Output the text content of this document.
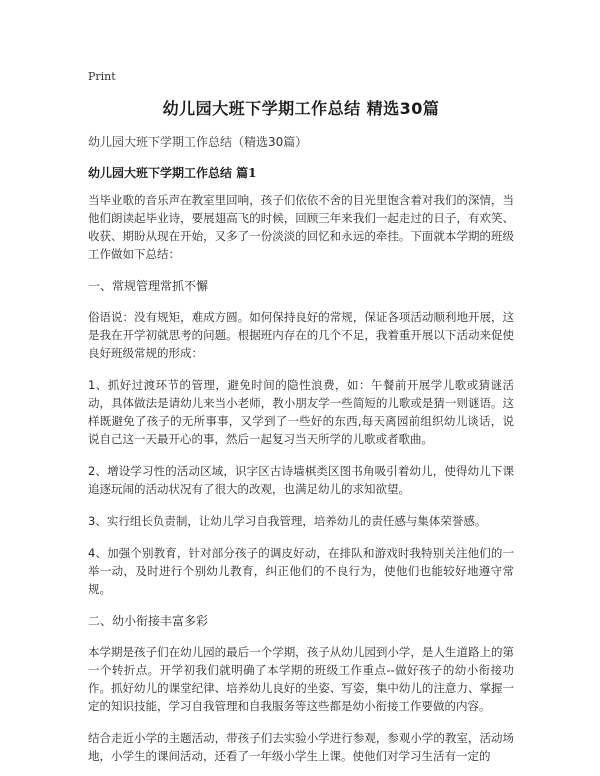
Print
幼儿园大班下学期工作总结 精选30篇
幼儿园大班下学期工作总结（精选30篇）
幼儿园大班下学期工作总结 篇1

当毕业歌的音乐声在教室里回响，孩子们依依不舍的目光里饱含着对我们的深情，当他们朗读起毕业诗，要展翅高飞的时候，回顾三年来我们一起走过的日子，有欢笑、收获、期盼从现在开始，又多了一份淡淡的回忆和永远的牵挂。下面就本学期的班级工作做如下总结：

一、常规管理常抓不懈

俗语说：没有规矩，难成方圆。如何保持良好的常规，保证各项活动顺利地开展，这是我在开学初就思考的问题。根据班内存在的几个不足，我着重开展以下活动来促使良好班级常规的形成：

1、抓好过渡环节的管理，避免时间的隐性浪费，如：午餐前开展学儿歌或猜谜活动，具体做法是请幼儿来当小老师，教小朋友学一些简短的儿歌或是猜一则谜语。这样既避免了孩子的无所事事，又学到了一些好的东西,每天离园前组织幼儿谈话，说说自己这一天最开心的事，然后一起复习当天所学的儿歌或者歌曲。

2、增设学习性的活动区域，识字区古诗墙棋类区图书角吸引着幼儿，使得幼儿下课追逐玩闹的活动状况有了很大的改观，也满足幼儿的求知欲望。

3、实行组长负责制，让幼儿学习自我管理，培养幼儿的责任感与集体荣誉感。

4、加强个别教育，针对部分孩子的调皮好动，在排队和游戏时我特别关注他们的一举一动，及时进行个别幼儿教育，纠正他们的不良行为，使他们也能较好地遵守常规。

二、幼小衔接丰富多彩

本学期是孩子们在幼儿园的最后一个学期，孩子从幼儿园到小学，是人生道路上的第一个转折点。开学初我们就明确了本学期的班级工作重点--做好孩子的幼小衔接功作。抓好幼儿的课堂纪律、培养幼儿良好的坐姿、写姿，集中幼儿的注意力、掌握一定的知识技能，学习自我管理和自我服务等这些都是幼小衔接工作要做的内容。

结合走近小学的主题活动，带孩子们去实验小学进行参观，参观小学的教室，活动场地，小学生的课间活动，还看了一年级小学生上课。使他们对学习生活有一定的
